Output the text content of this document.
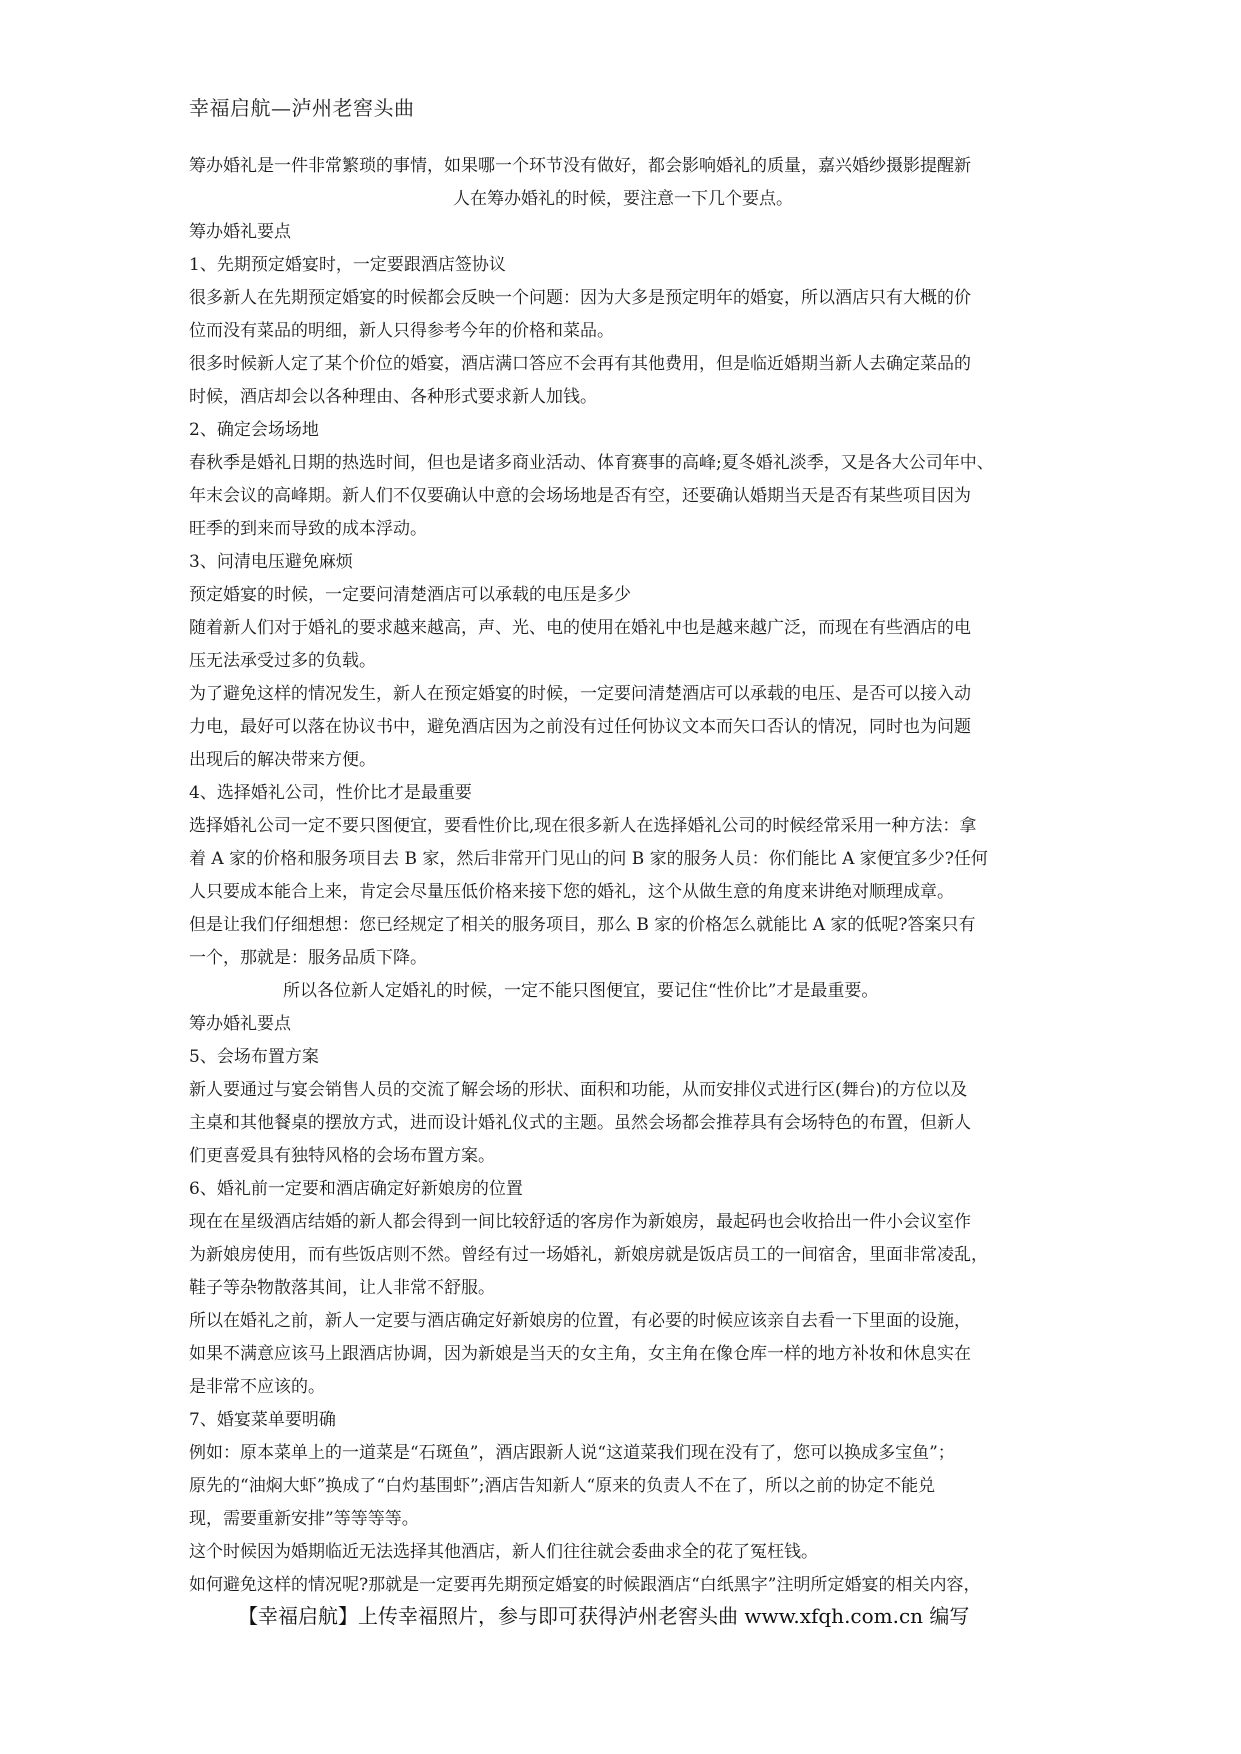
幸福启航—泸州老窖头曲
筹办婚礼是一件非常繁琐的事情，如果哪一个环节没有做好，都会影响婚礼的质量，嘉兴婚纱摄影提醒新
人在筹办婚礼的时候，要注意一下几个要点。
筹办婚礼要点
1、先期预定婚宴时，一定要跟酒店签协议
很多新人在先期预定婚宴的时候都会反映一个问题：因为大多是预定明年的婚宴，所以酒店只有大概的价
位而没有菜品的明细，新人只得参考今年的价格和菜品。
很多时候新人定了某个价位的婚宴，酒店满口答应不会再有其他费用，但是临近婚期当新人去确定菜品的
时候，酒店却会以各种理由、各种形式要求新人加钱。
2、确定会场场地
春秋季是婚礼日期的热选时间，但也是诸多商业活动、体育赛事的高峰;夏冬婚礼淡季，又是各大公司年中、
年末会议的高峰期。新人们不仅要确认中意的会场场地是否有空，还要确认婚期当天是否有某些项目因为
旺季的到来而导致的成本浮动。
3、问清电压避免麻烦
预定婚宴的时候，一定要问清楚酒店可以承载的电压是多少
随着新人们对于婚礼的要求越来越高，声、光、电的使用在婚礼中也是越来越广泛，而现在有些酒店的电
压无法承受过多的负载。
为了避免这样的情况发生，新人在预定婚宴的时候，一定要问清楚酒店可以承载的电压、是否可以接入动
力电，最好可以落在协议书中，避免酒店因为之前没有过任何协议文本而矢口否认的情况，同时也为问题
出现后的解决带来方便。
4、选择婚礼公司，性价比才是最重要
选择婚礼公司一定不要只图便宜，要看性价比,现在很多新人在选择婚礼公司的时候经常采用一种方法：拿
着 A 家的价格和服务项目去 B 家，然后非常开门见山的问 B 家的服务人员：你们能比 A 家便宜多少?任何
人只要成本能合上来，肯定会尽量压低价格来接下您的婚礼，这个从做生意的角度来讲绝对顺理成章。
但是让我们仔细想想：您已经规定了相关的服务项目，那么 B 家的价格怎么就能比 A 家的低呢?答案只有
一个，那就是：服务品质下降。
所以各位新人定婚礼的时候，一定不能只图便宜，要记住“性价比”才是最重要。
筹办婚礼要点
5、会场布置方案
新人要通过与宴会销售人员的交流了解会场的形状、面积和功能，从而安排仪式进行区(舞台)的方位以及
主桌和其他餐桌的摆放方式，进而设计婚礼仪式的主题。虽然会场都会推荐具有会场特色的布置，但新人
们更喜爱具有独特风格的会场布置方案。
6、婚礼前一定要和酒店确定好新娘房的位置
现在在星级酒店结婚的新人都会得到一间比较舒适的客房作为新娘房，最起码也会收拾出一件小会议室作
为新娘房使用，而有些饭店则不然。曾经有过一场婚礼，新娘房就是饭店员工的一间宿舍，里面非常凌乱，
鞋子等杂物散落其间，让人非常不舒服。
所以在婚礼之前，新人一定要与酒店确定好新娘房的位置，有必要的时候应该亲自去看一下里面的设施，
如果不满意应该马上跟酒店协调，因为新娘是当天的女主角，女主角在像仓库一样的地方补妆和休息实在
是非常不应该的。
7、婚宴菜单要明确
例如：原本菜单上的一道菜是“石斑鱼”，酒店跟新人说“这道菜我们现在没有了，您可以换成多宝鱼”；
原先的“油焖大虾”换成了“白灼基围虾”;酒店告知新人“原来的负责人不在了，所以之前的协定不能兑
现，需要重新安排”等等等等。
这个时候因为婚期临近无法选择其他酒店，新人们往往就会委曲求全的花了冤枉钱。
如何避免这样的情况呢?那就是一定要再先期预定婚宴的时候跟酒店“白纸黑字”注明所定婚宴的相关内容，
【幸福启航】上传幸福照片，参与即可获得泸州老窖头曲 www.xfqh.com.cn 编写
